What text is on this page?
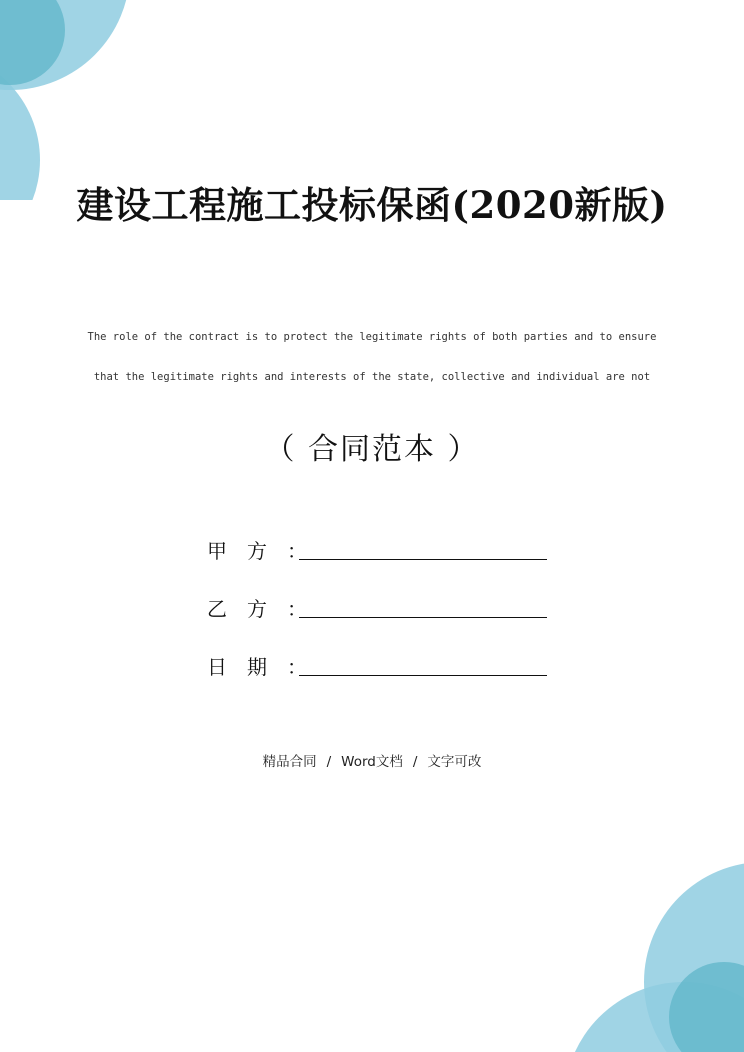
建设工程施工投标保函(2020新版)
The role of the contract is to protect the legitimate rights of both parties and to ensure
that the legitimate rights and interests of the state, collective and individual are not
（ 合同范本 ）
甲 方 ：
乙 方 ：
日 期 ：
精品合同 / Word文档 / 文字可改
